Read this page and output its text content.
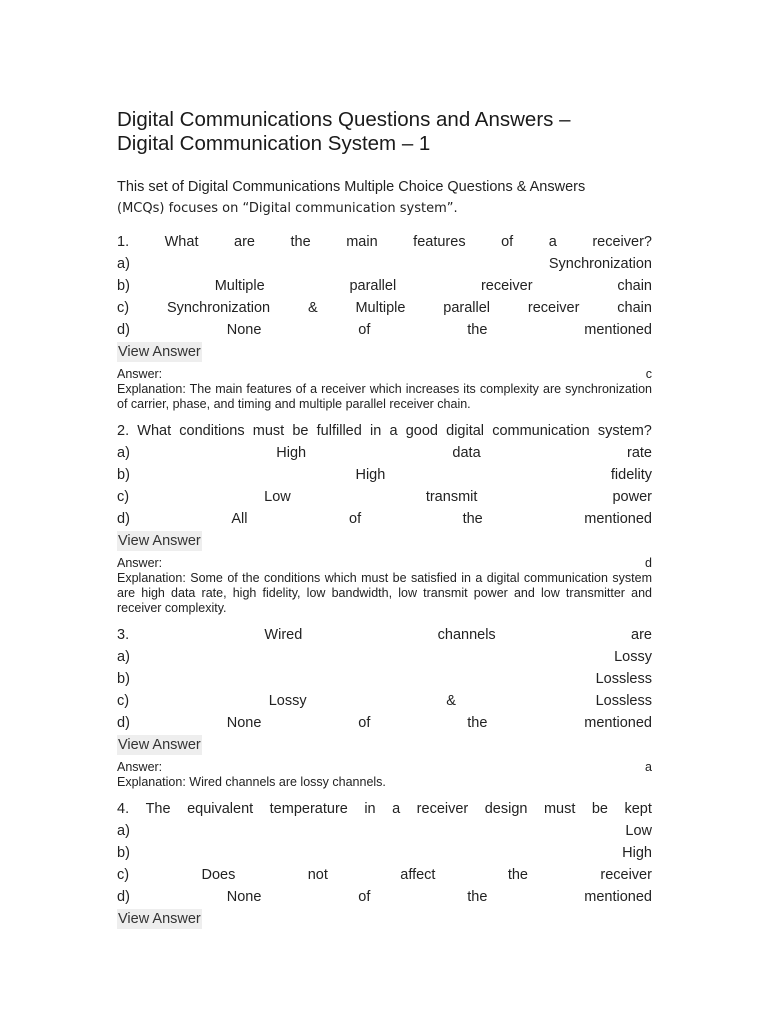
Digital Communications Questions and Answers –
Digital Communication System – 1
This set of Digital Communications Multiple Choice Questions & Answers
(MCQs) focuses on “Digital communication system”.
1. What are the main features of a receiver?
a)	Synchronization
b)	Multiple	parallel	receiver	chain
c)	Synchronization	&	Multiple	parallel	receiver	chain
d)	None	of	the	mentioned
View Answer
Answer:	c
Explanation: The main features of a receiver which increases its complexity are synchronization of carrier, phase, and timing and multiple parallel receiver chain.
2. What conditions must be fulfilled in a good digital communication system?
a)	High	data	rate
b)	High	fidelity
c)	Low	transmit	power
d)	All	of	the	mentioned
View Answer
Answer:	d
Explanation: Some of the conditions which must be satisfied in a digital communication system are high data rate, high fidelity, low bandwidth, low transmit power and low transmitter and receiver complexity.
3.	Wired	channels	are
a)	Lossy
b)	Lossless
c)	Lossy	&	Lossless
d)	None	of	the	mentioned
View Answer
Answer:	a
Explanation: Wired channels are lossy channels.
4. The equivalent temperature in a receiver design must be kept
a)	Low
b)	High
c)	Does	not	affect	the	receiver
d)	None	of	the	mentioned
View Answer
